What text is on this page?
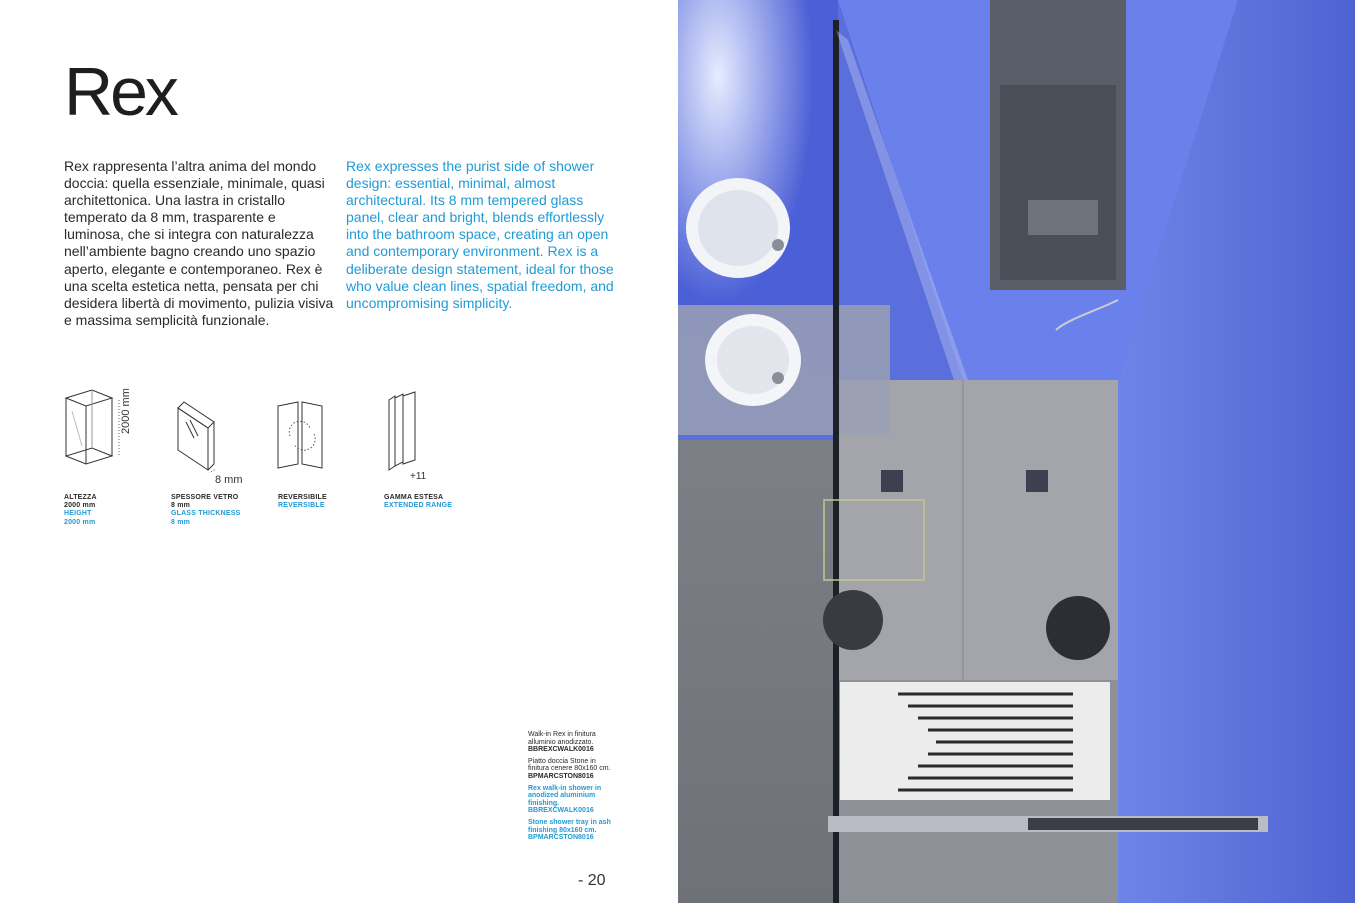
Rex

Rex rappresenta l’altra anima del mondo doccia: quella essenziale, minimale, quasi architettonica. Una lastra in cristallo temperato da 8 mm, trasparente e luminosa, che si integra con naturalezza nell’ambiente bagno creando uno spazio aperto, elegante e contemporaneo. Rex è una scelta estetica netta, pensata per chi desidera libertà di movimento, pulizia visiva e massima semplicità funzionale.

Rex expresses the purist side of shower design: essential, minimal, almost architectural. Its 8 mm tempered glass panel, clear and bright, blends effortlessly into the bathroom space, creating an open and contemporary environment. Rex is a deliberate design statement, ideal for those who value clean lines, spatial freedom, and uncompromising simplicity.

2000 mm
ALTEZZA
2000 mm
HEIGHT
2000 mm
8 mm
SPESSORE VETRO
8 mm
GLASS THICKNESS
8 mm
REVERSIBILE
REVERSIBLE
+11
GAMMA ESTESA
EXTENDED RANGE

Walk-in Rex in finitura alluminio anodizzato.
BBREXCWALK0016

Piatto doccia Stone in finitura cenere 80x160 cm.
BPMARCSTON8016

Rex walk-in shower in anodized aluminium finishing.
BBREXCWALK0016

Stone shower tray in ash finishing 80x160 cm.
BPMARCSTON8016

- 20
